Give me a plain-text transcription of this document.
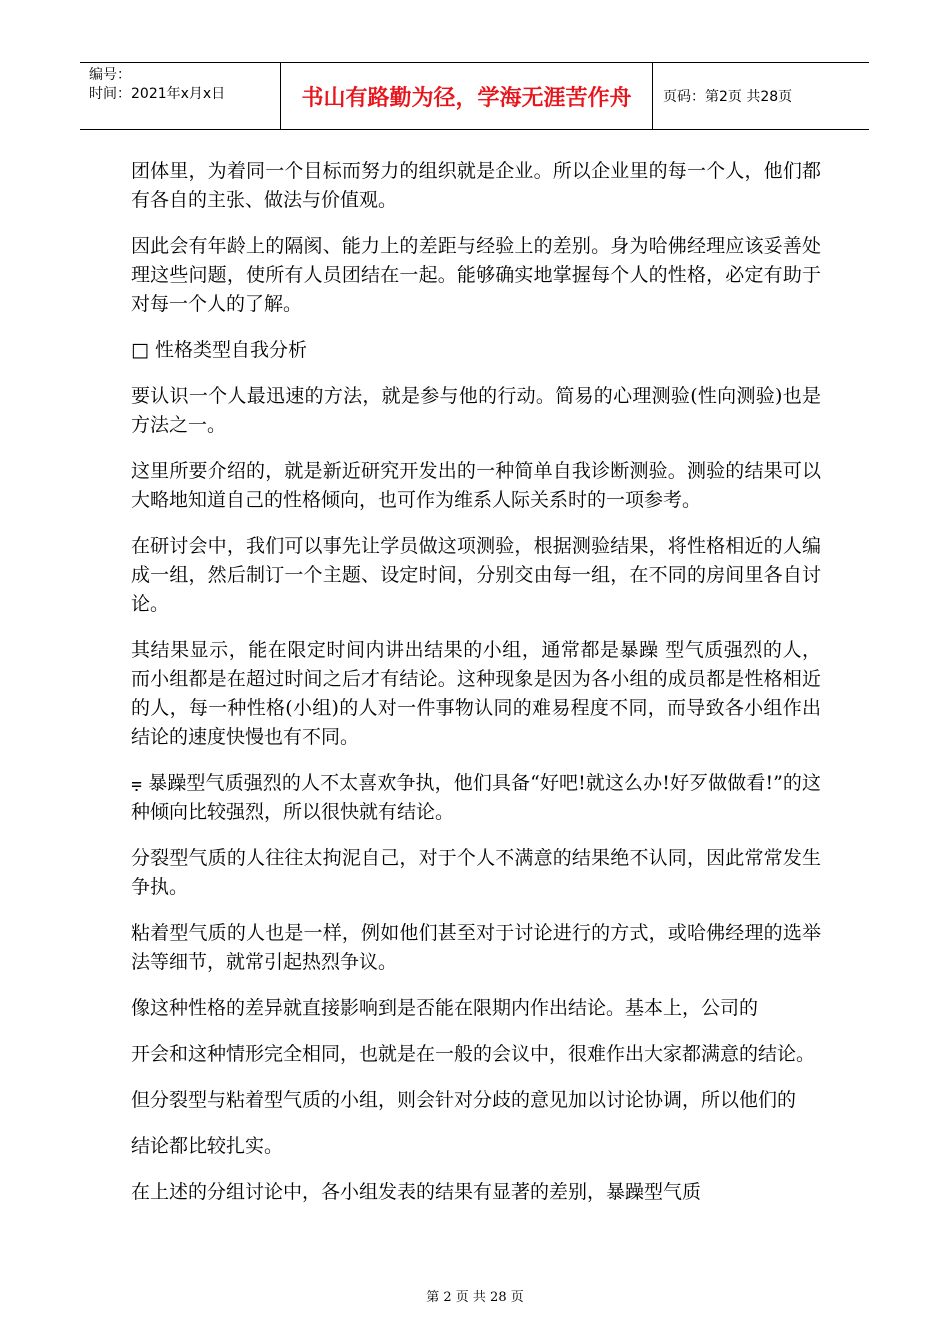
编号：
时间：2021年x月x日	书山有路勤为径，学海无涯苦作舟	页码：第2页 共28页

团体里，为着同一个目标而努力的组织就是企业。所以企业里的每一个人，他们都有各自的主张、做法与价值观。

因此会有年龄上的隔阂、能力上的差距与经验上的差别。身为哈佛经理应该妥善处理这些问题，使所有人员团结在一起。能够确实地掌握每个人的性格，必定有助于对每一个人的了解。

□ 性格类型自我分析

要认识一个人最迅速的方法，就是参与他的行动。简易的心理测验(性向测验)也是方法之一。

这里所要介绍的，就是新近研究开发出的一种简单自我诊断测验。测验的结果可以大略地知道自己的性格倾向，也可作为维系人际关系时的一项参考。

在研讨会中，我们可以事先让学员做这项测验，根据测验结果，将性格相近的人编成一组，然后制订一个主题、设定时间，分别交由每一组，在不同的房间里各自讨论。

其结果显示，能在限定时间内讲出结果的小组，通常都是暴躁 型气质强烈的人，而小组都是在超过时间之后才有结论。这种现象是因为各小组的成员都是性格相近的人，每一种性格(小组)的人对一件事物认同的难易程度不同，而导致各小组作出结论的速度快慢也有不同。

⩦ 暴躁型气质强烈的人不太喜欢争执，他们具备“好吧!就这么办!好歹做做看!”的这种倾向比较强烈，所以很快就有结论。

分裂型气质的人往往太拘泥自己，对于个人不满意的结果绝不认同，因此常常发生争执。

粘着型气质的人也是一样，例如他们甚至对于讨论进行的方式，或哈佛经理的选举法等细节，就常引起热烈争议。

像这种性格的差异就直接影响到是否能在限期内作出结论。基本上，公司的

开会和这种情形完全相同，也就是在一般的会议中，很难作出大家都满意的结论。

但分裂型与粘着型气质的小组，则会针对分歧的意见加以讨论协调，所以他们的

结论都比较扎实。

在上述的分组讨论中，各小组发表的结果有显著的差别，暴躁型气质

第 2 页 共 28 页
